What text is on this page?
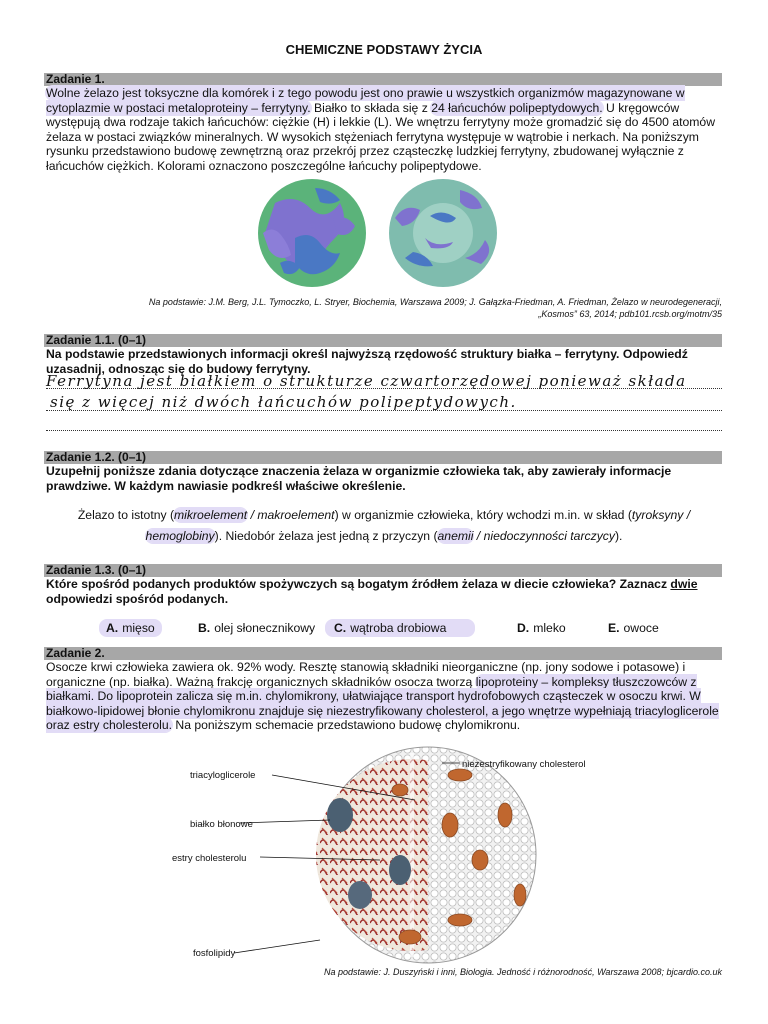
CHEMICZNE PODSTAWY ŻYCIA
Zadanie 1.
Wolne żelazo jest toksyczne dla komórek i z tego powodu jest ono prawie u wszystkich organizmów magazynowane w cytoplazmie w postaci metaloproteiny – ferrytyny. Białko to składa się z 24 łańcuchów polipeptydowych. U kręgowców występują dwa rodzaje takich łańcuchów: ciężkie (H) i lekkie (L). We wnętrzu ferrytyny może gromadzić się do 4500 atomów żelaza w postaci związków mineralnych. W wysokich stężeniach ferrytyna występuje w wątrobie i nerkach. Na poniższym rysunku przedstawiono budowę zewnętrzną oraz przekrój przez cząsteczkę ludzkiej ferrytyny, zbudowanej wyłącznie z łańcuchów ciężkich. Kolorami oznaczono poszczególne łańcuchy polipeptydowe.
Na podstawie: J.M. Berg, J.L. Tymoczko, L. Stryer, Biochemia, Warszawa 2009; J. Gałązka-Friedman, A. Friedman, Żelazo w neurodegeneracji,
„Kosmos” 63, 2014; pdb101.rcsb.org/motm/35
Zadanie 1.1. (0–1)
Na podstawie przedstawionych informacji określ najwyższą rzędowość struktury białka – ferrytyny. Odpowiedź uzasadnij, odnosząc się do budowy ferrytyny.
Ferrytyna jest białkiem o strukturze czwartorzędowej ponieważ składa
się z więcej niż dwóch łańcuchów polipeptydowych.
Zadanie 1.2. (0–1)
Uzupełnij poniższe zdania dotyczące znaczenia żelaza w organizmie człowieka tak, aby zawierały informacje prawdziwe. W każdym nawiasie podkreśl właściwe określenie.
Żelazo to istotny (mikroelement / makroelement) w organizmie człowieka, który wchodzi m.in. w skład (tyroksyny /
hemoglobiny). Niedobór żelaza jest jedną z przyczyn (anemii / niedoczynności tarczycy).
Zadanie 1.3. (0–1)
Które spośród podanych produktów spożywczych są bogatym źródłem żelaza w diecie człowieka? Zaznacz dwie odpowiedzi spośród podanych.
A. mięso	B. olej słonecznikowy	C. wątroba drobiowa	D. mleko	E. owoce
Zadanie 2.
Osocze krwi człowieka zawiera ok. 92% wody. Resztę stanowią składniki nieorganiczne (np. jony sodowe i potasowe) i organiczne (np. białka). Ważną frakcję organicznych składników osocza tworzą lipoproteiny – kompleksy tłuszczowców z białkami. Do lipoprotein zalicza się m.in. chylomikrony, ułatwiające transport hydrofobowych cząsteczek w osoczu krwi. W białkowo-lipidowej błonie chylomikronu znajduje się niezestryfikowany cholesterol, a jego wnętrze wypełniają triacyloglicerole oraz estry cholesterolu. Na poniższym schemacie przedstawiono budowę chylomikronu.
triacyloglicerole
białko błonowe
estry cholesterolu
fosfolipidy
niezestryfikowany cholesterol
Na podstawie: J. Duszyński i inni, Biologia. Jedność i różnorodność, Warszawa 2008; bjcardio.co.uk
